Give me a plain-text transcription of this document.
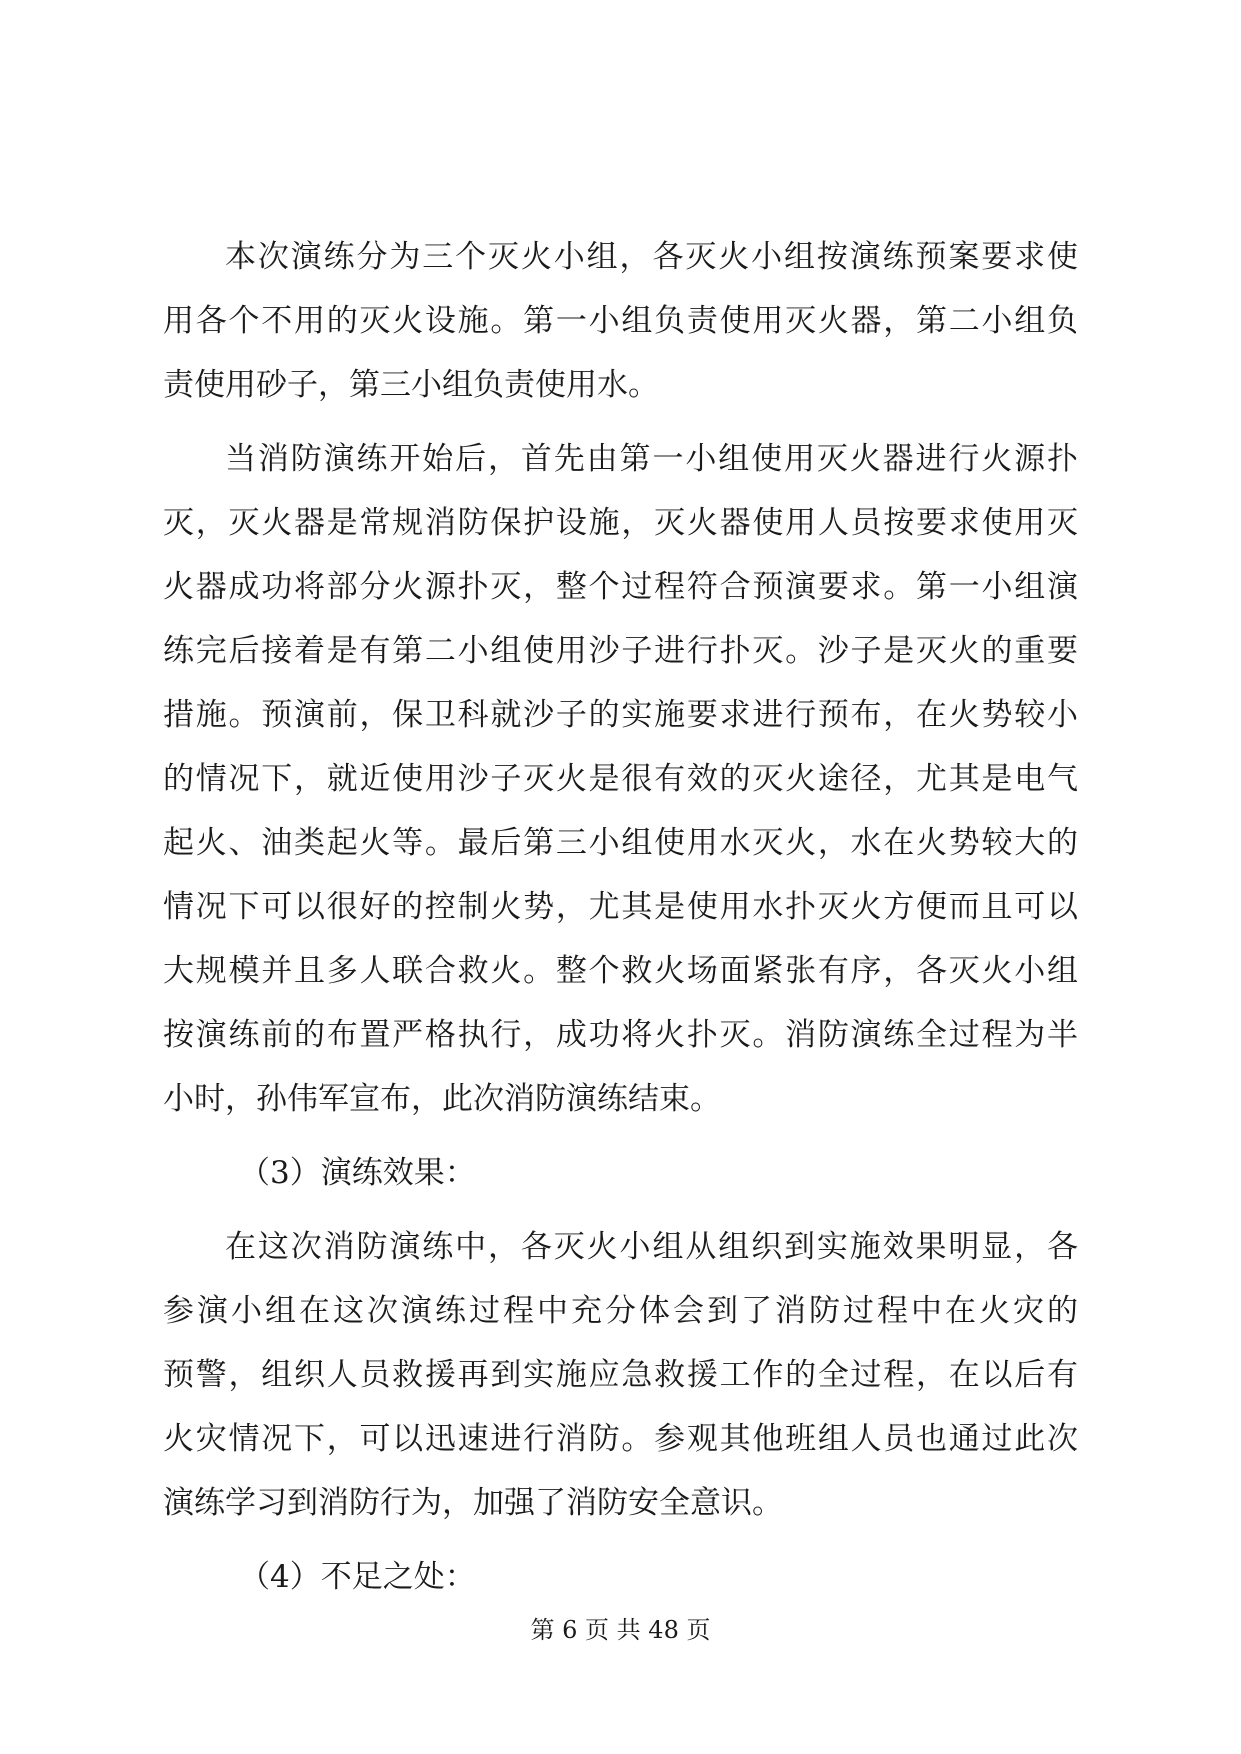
本次演练分为三个灭火小组，各灭火小组按演练预案要求使
用各个不用的灭火设施。第一小组负责使用灭火器，第二小组负
责使用砂子，第三小组负责使用水。
当消防演练开始后，首先由第一小组使用灭火器进行火源扑
灭，灭火器是常规消防保护设施，灭火器使用人员按要求使用灭
火器成功将部分火源扑灭，整个过程符合预演要求。第一小组演
练完后接着是有第二小组使用沙子进行扑灭。沙子是灭火的重要
措施。预演前，保卫科就沙子的实施要求进行预布，在火势较小
的情况下，就近使用沙子灭火是很有效的灭火途径，尤其是电气
起火、油类起火等。最后第三小组使用水灭火，水在火势较大的
情况下可以很好的控制火势，尤其是使用水扑灭火方便而且可以
大规模并且多人联合救火。整个救火场面紧张有序，各灭火小组
按演练前的布置严格执行，成功将火扑灭。消防演练全过程为半
小时，孙伟军宣布，此次消防演练结束。
（3）演练效果：
在这次消防演练中，各灭火小组从组织到实施效果明显，各
参演小组在这次演练过程中充分体会到了消防过程中在火灾的
预警，组织人员救援再到实施应急救援工作的全过程，在以后有
火灾情况下，可以迅速进行消防。参观其他班组人员也通过此次
演练学习到消防行为，加强了消防安全意识。
（4）不足之处：
第 6 页 共 48 页
